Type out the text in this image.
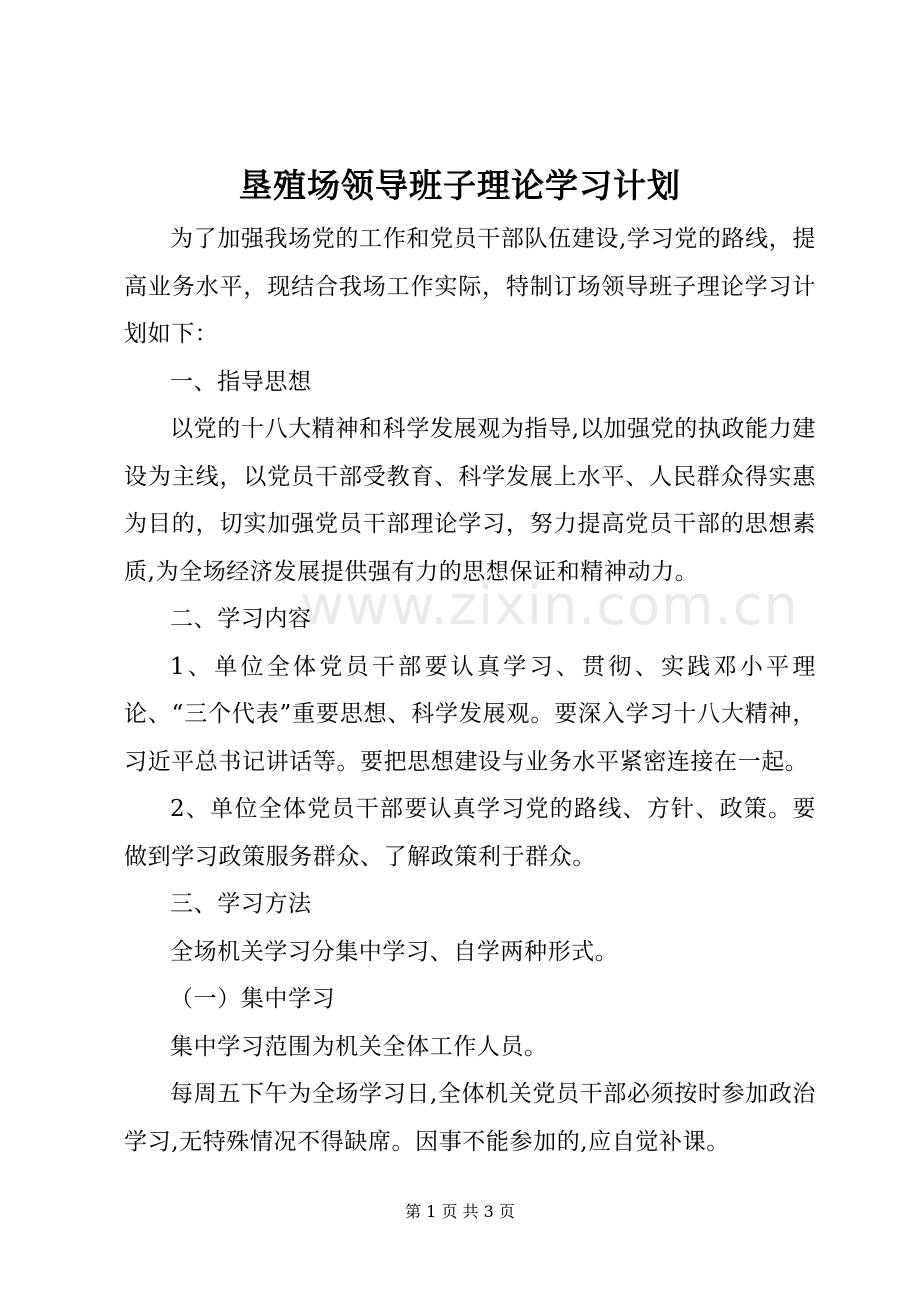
www.zixin.com.cn
垦殖场领导班子理论学习计划

为了加强我场党的工作和党员干部队伍建设,学习党的路线，提高业务水平，现结合我场工作实际，特制订场领导班子理论学习计划如下：

一、指导思想

以党的十八大精神和科学发展观为指导,以加强党的执政能力建设为主线，以党员干部受教育、科学发展上水平、人民群众得实惠为目的，切实加强党员干部理论学习，努力提高党员干部的思想素质,为全场经济发展提供强有力的思想保证和精神动力。

二、学习内容

1、单位全体党员干部要认真学习、贯彻、实践邓小平理论、“三个代表”重要思想、科学发展观。要深入学习十八大精神，习近平总书记讲话等。要把思想建设与业务水平紧密连接在一起。

2、单位全体党员干部要认真学习党的路线、方针、政策。要做到学习政策服务群众、了解政策利于群众。

三、学习方法

全场机关学习分集中学习、自学两种形式。

（一）集中学习

集中学习范围为机关全体工作人员。

每周五下午为全场学习日,全体机关党员干部必须按时参加政治学习,无特殊情况不得缺席。因事不能参加的,应自觉补课。

第 1 页 共 3 页
